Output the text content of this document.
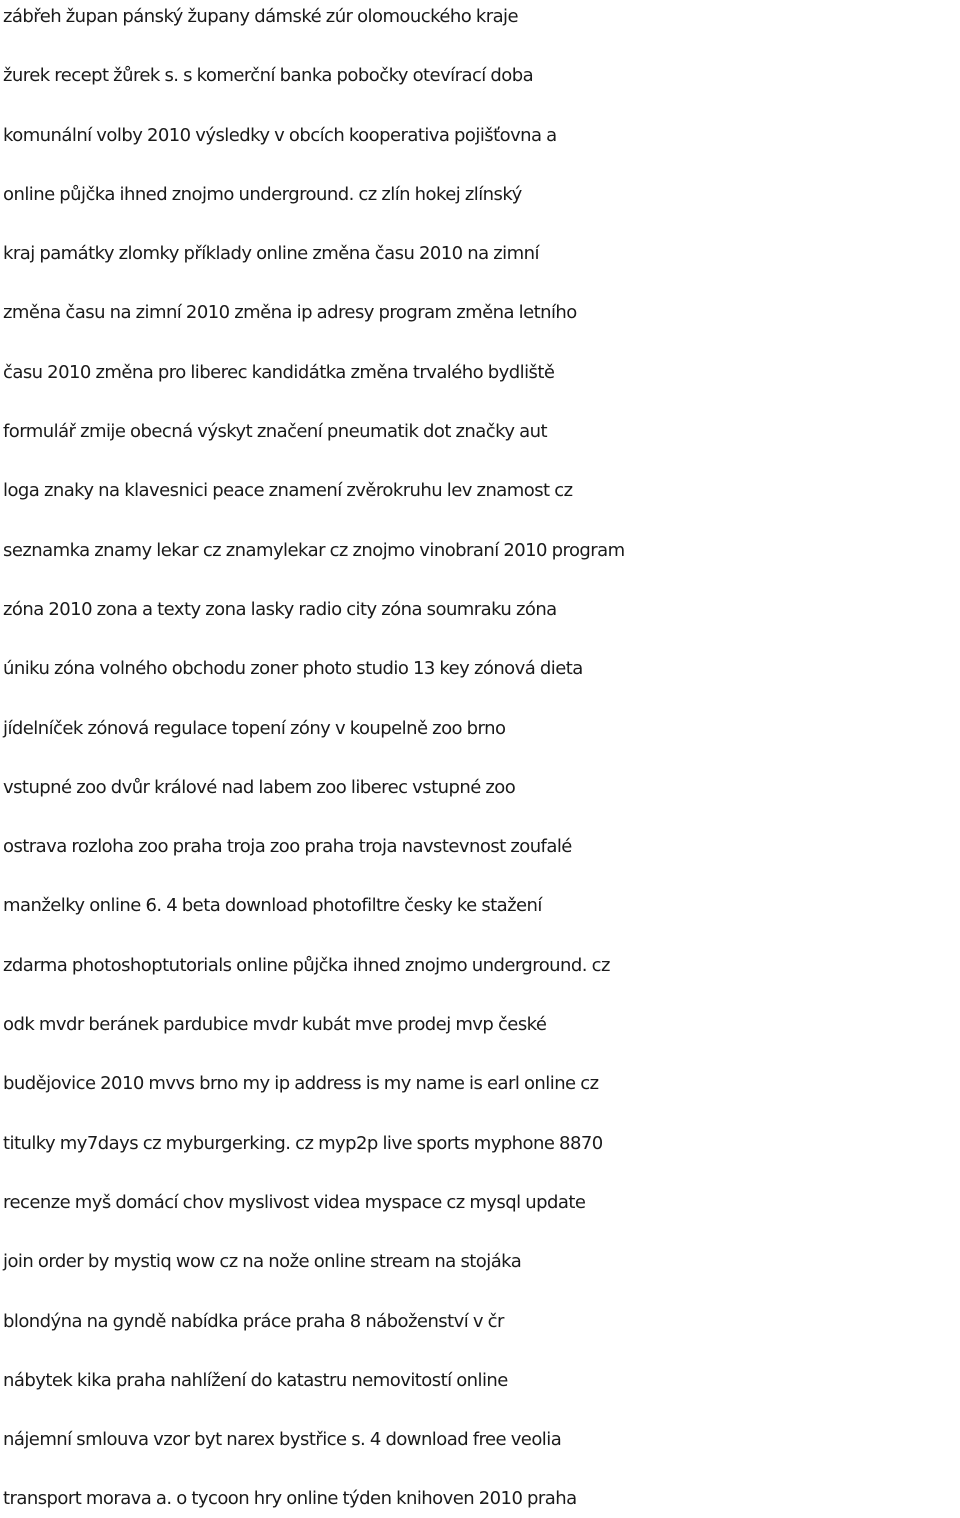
zábřeh župan pánský župany dámské zúr olomouckého kraje
žurek recept žůrek s. s komerční banka pobočky otevírací doba
komunální volby 2010 výsledky v obcích kooperativa pojišťovna a
online půjčka ihned znojmo underground. cz zlín hokej zlínský
kraj památky zlomky příklady online změna času 2010 na zimní
změna času na zimní 2010 změna ip adresy program změna letního
času 2010 změna pro liberec kandidátka změna trvalého bydliště
formulář zmije obecná výskyt značení pneumatik dot značky aut
loga znaky na klavesnici peace znamení zvěrokruhu lev znamost cz
seznamka znamy lekar cz znamylekar cz znojmo vinobraní 2010 program
zóna 2010 zona a texty zona lasky radio city zóna soumraku zóna
úniku zóna volného obchodu zoner photo studio 13 key zónová dieta
jídelníček zónová regulace topení zóny v koupelně zoo brno
vstupné zoo dvůr králové nad labem zoo liberec vstupné zoo
ostrava rozloha zoo praha troja zoo praha troja navstevnost zoufalé
manželky online 6. 4 beta download photofiltre česky ke stažení
zdarma photoshoptutorials online půjčka ihned znojmo underground. cz
odk mvdr beránek pardubice mvdr kubát mve prodej mvp české
budějovice 2010 mvvs brno my ip address is my name is earl online cz
titulky my7days cz myburgerking. cz myp2p live sports myphone 8870
recenze myš domácí chov myslivost videa myspace cz mysql update
join order by mystiq wow cz na nože online stream na stojáka
blondýna na gyndě nabídka práce praha 8 náboženství v čr
nábytek kika praha nahlížení do katastru nemovitostí online
nájemní smlouva vzor byt narex bystřice s. 4 download free veolia
transport morava a. o tycoon hry online týden knihoven 2010 praha
